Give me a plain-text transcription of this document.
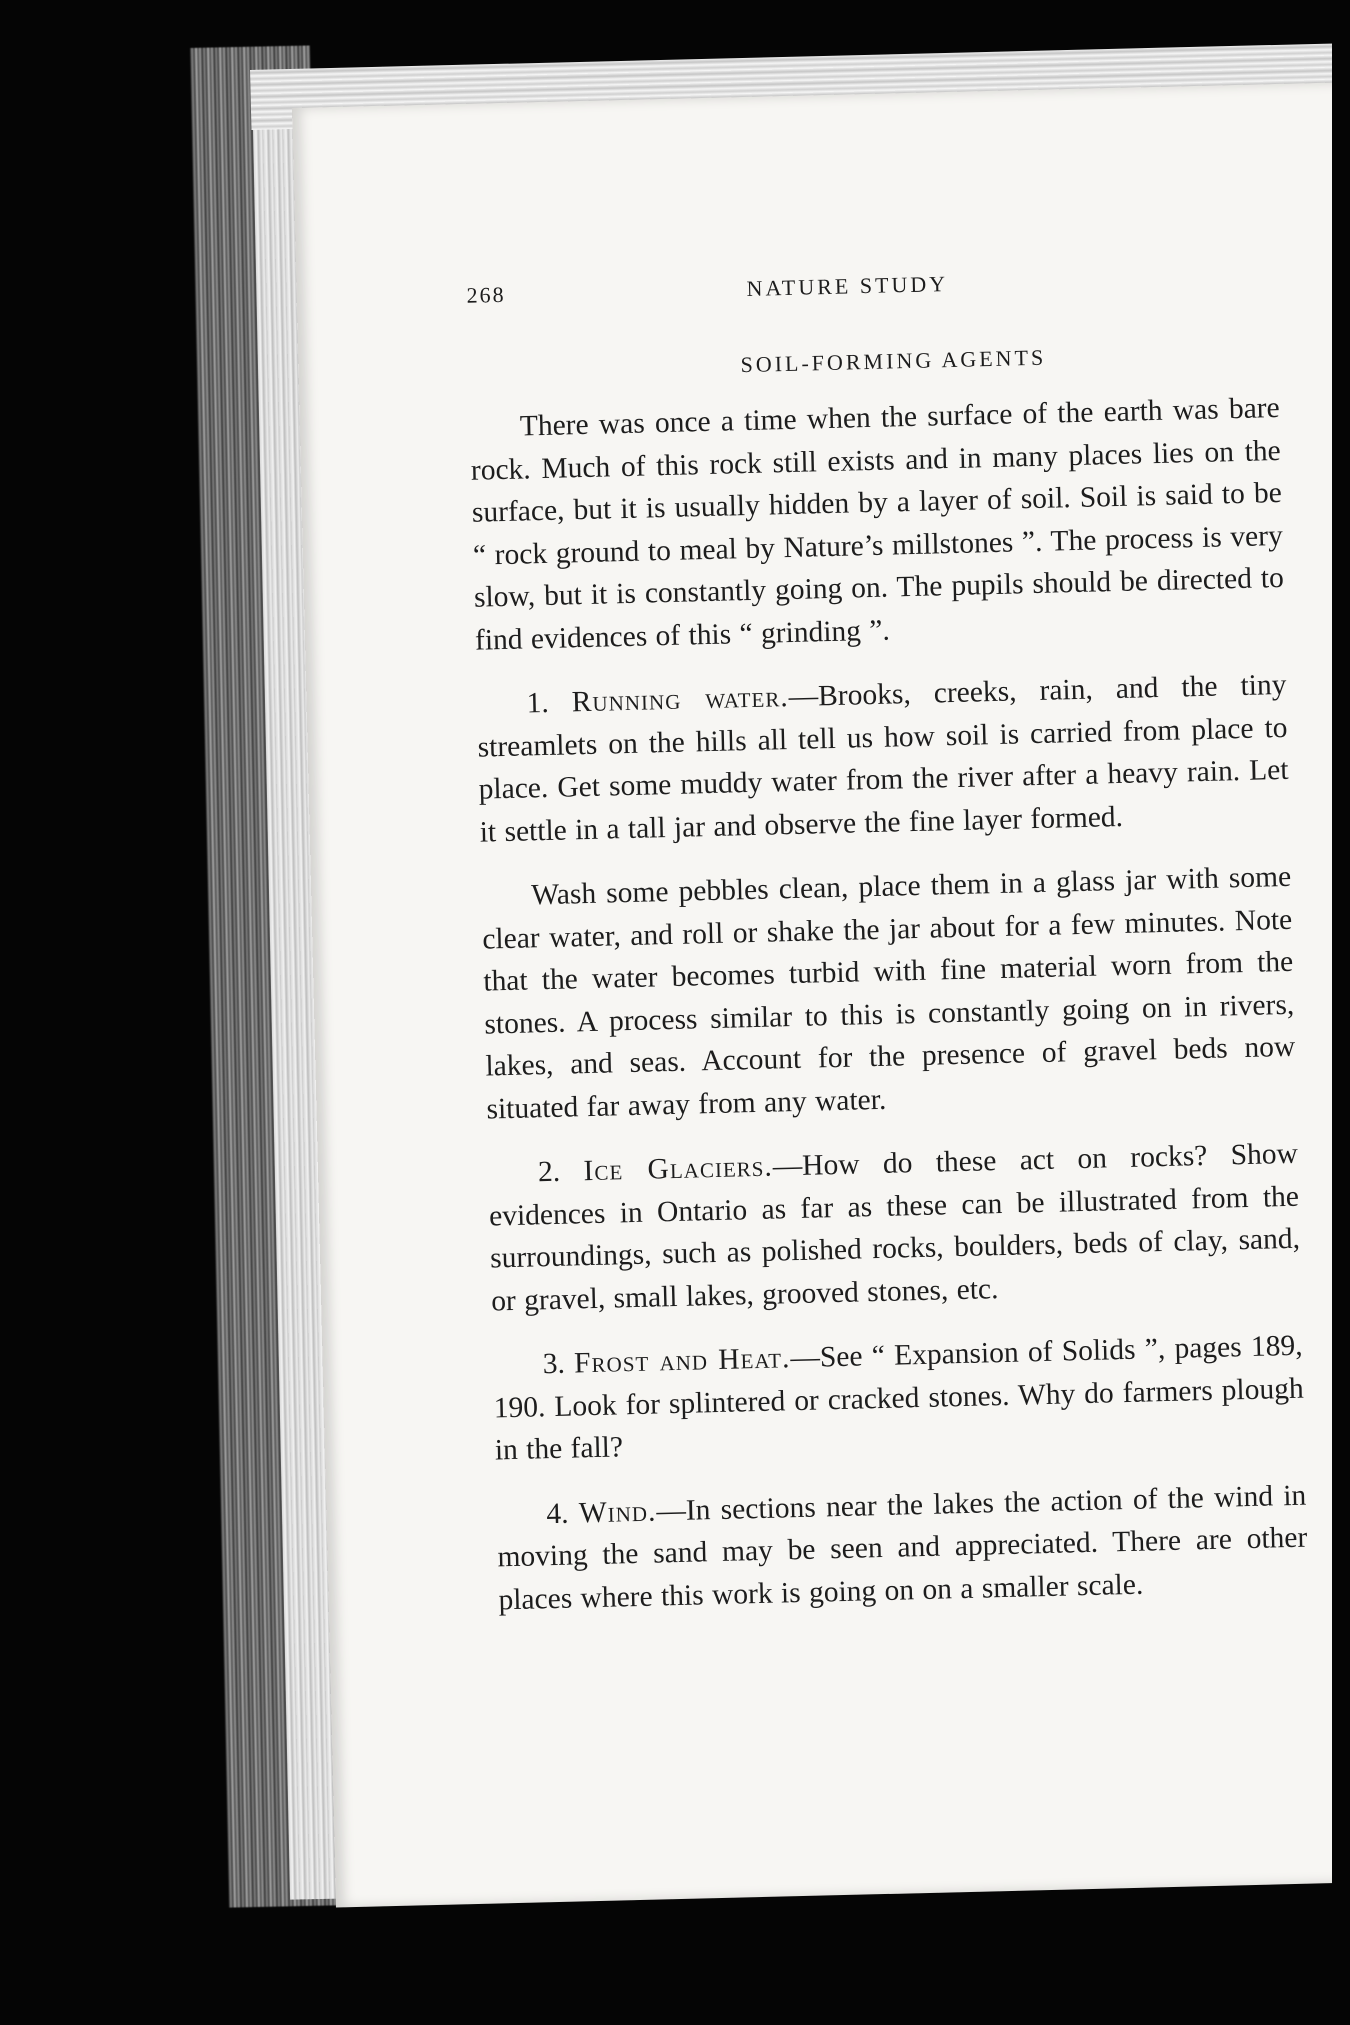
268	NATURE STUDY
SOIL-FORMING AGENTS

There was once a time when the surface of the earth was bare rock. Much of this rock still exists and in many places lies on the surface, but it is usually hidden by a layer of soil. Soil is said to be “ rock ground to meal by Nature’s millstones ”. The process is very slow, but it is constantly going on. The pupils should be directed to find evidences of this “ grinding ”.

1. Running water.—Brooks, creeks, rain, and the tiny streamlets on the hills all tell us how soil is carried from place to place. Get some muddy water from the river after a heavy rain. Let it settle in a tall jar and observe the fine layer formed.

Wash some pebbles clean, place them in a glass jar with some clear water, and roll or shake the jar about for a few minutes. Note that the water becomes turbid with fine material worn from the stones. A process similar to this is constantly going on in rivers, lakes, and seas. Account for the presence of gravel beds now situated far away from any water.

2. Ice Glaciers.—How do these act on rocks? Show evidences in Ontario as far as these can be illustrated from the surroundings, such as polished rocks, boulders, beds of clay, sand, or gravel, small lakes, grooved stones, etc.

3. Frost and Heat.—See “ Expansion of Solids ”, pages 189, 190. Look for splintered or cracked stones. Why do farmers plough in the fall?

4. Wind.—In sections near the lakes the action of the wind in moving the sand may be seen and appreciated. There are other places where this work is going on on a smaller scale.
